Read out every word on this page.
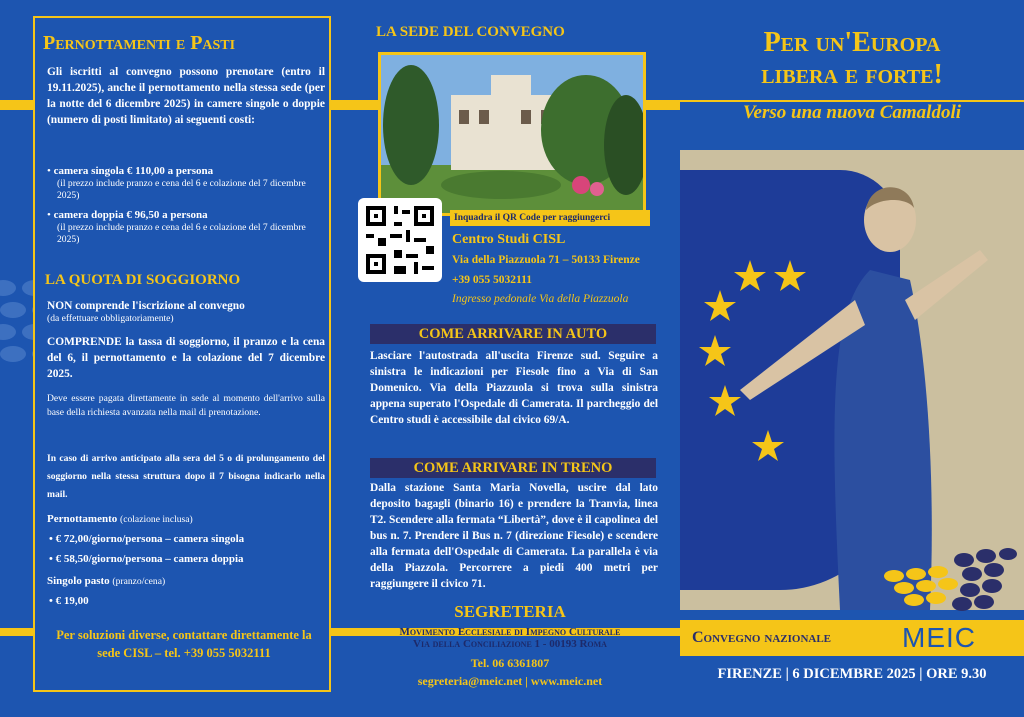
Pernottamenti e Pasti
Gli iscritti al convegno possono prenotare (entro il 19.11.2025), anche il pernottamento nella stessa sede (per la notte del 6 dicembre 2025) in camere singole o doppie (numero di posti limitato) ai seguenti costi:
• camera singola € 110,00 a persona

(il prezzo include pranzo e cena del 6 e colazione del 7 dicembre 2025)
• camera doppia € 96,50 a persona

(il prezzo include pranzo e cena del 6 e colazione del 7 dicembre 2025)
LA QUOTA DI SOGGIORNO
NON comprende l'iscrizione al convegno
(da effettuare obbligatoriamente)
COMPRENDE la tassa di soggiorno, il pranzo e la cena del 6, il pernottamento e la colazione del 7 dicembre 2025.
Deve essere pagata direttamente in sede al momento dell'arrivo sulla base della richiesta avanzata nella mail di prenotazione.
In caso di arrivo anticipato alla sera del 5 o di prolungamento del soggiorno nella stessa struttura dopo il 7 bisogna indicarlo nella mail.
Pernottamento (colazione inclusa)
• € 72,00/giorno/persona – camera singola
• € 58,50/giorno/persona – camera doppia
Singolo pasto (pranzo/cena)
• € 19,00
Per soluzioni diverse, contattare direttamente la sede CISL – tel. +39 055 5032111
LA SEDE DEL CONVEGNO
Inquadra il QR Code per raggiungerci
Centro Studi CISL
Via della Piazzuola 71 – 50133 Firenze
+39 055 5032111
Ingresso pedonale Via della Piazzuola
COME ARRIVARE IN AUTO
Lasciare l'autostrada all'uscita Firenze sud. Seguire a sinistra le indicazioni per Fiesole fino a Via di San Domenico. Via della Piazzuola si trova sulla sinistra appena superato l'Ospedale di Camerata. Il parcheggio del Centro studi è accessibile dal civico 69/A.
COME ARRIVARE IN TRENO
Dalla stazione Santa Maria Novella, uscire dal lato deposito bagagli (binario 16) e prendere la Tranvia, linea T2. Scendere alla fermata “Libertà”, dove è il capolinea del bus n. 7. Prendere il Bus n. 7 (direzione Fiesole) e scendere alla fermata dell'Ospedale di Camerata. La parallela è via della Piazzola. Percorrere a piedi 400 metri per raggiungere il civico 71.
SEGRETERIA
Movimento Ecclesiale di Impegno Culturale
Via della Conciliazione 1 - 00193 Roma
Tel. 06 6361807
segreteria@meic.net | www.meic.net
Per un'Europa
libera e forte!
Verso una nuova Camaldoli
Convegno nazionale	MEIC
FIRENZE | 6 DICEMBRE 2025 | ORE 9.30
